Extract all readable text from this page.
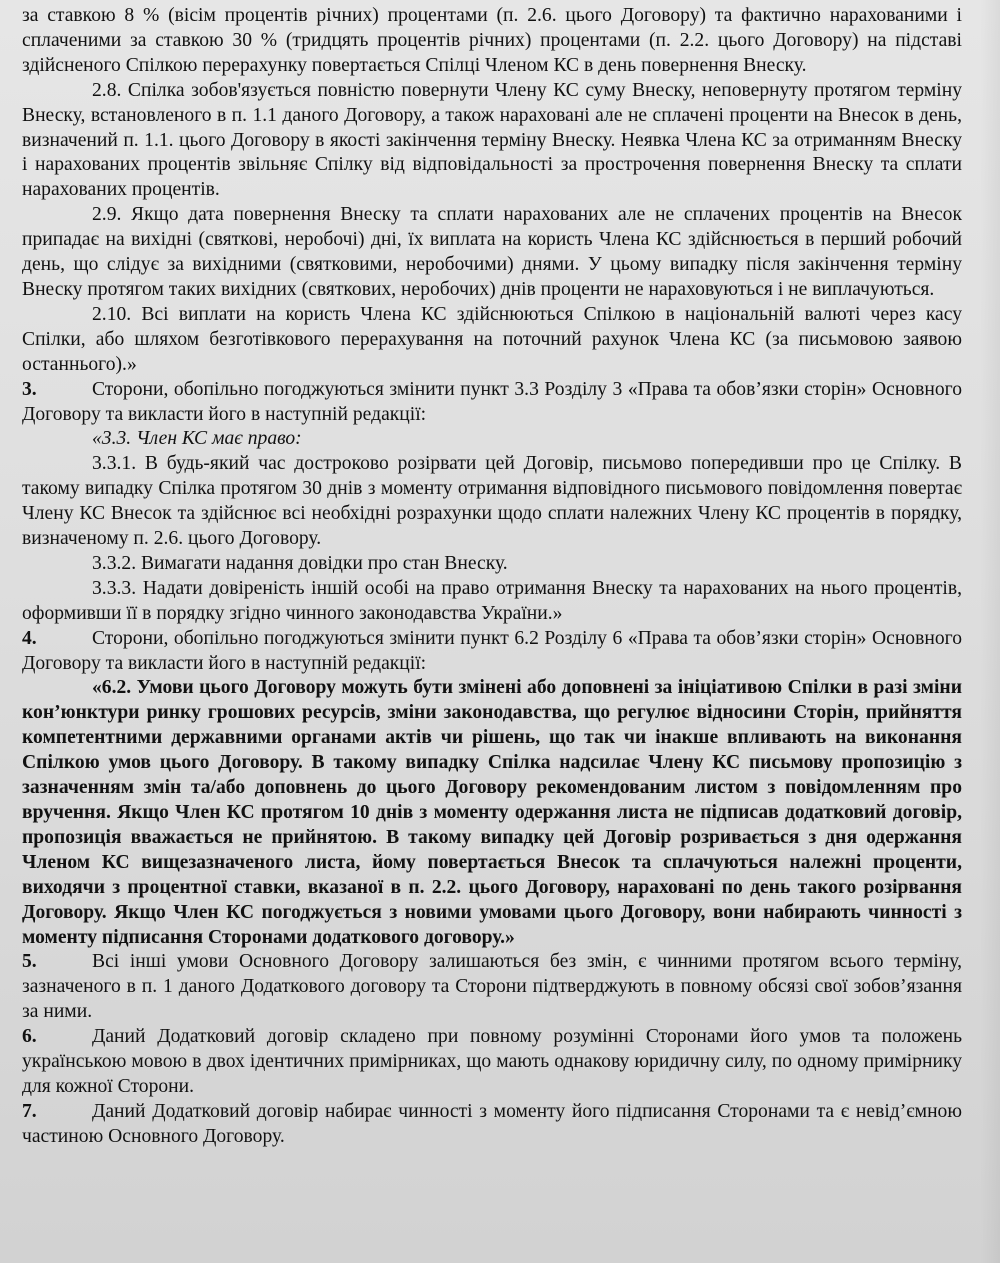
за ставкою 8 % (вісім процентів річних) процентами (п. 2.6. цього Договору) та фактично нарахованими і сплаченими за ставкою 30 % (тридцять процентів річних) процентами (п. 2.2. цього Договору) на підставі здійсненого Спілкою перерахунку повертається Спілці Членом КС в день повернення Внеску.

2.8. Спілка зобов'язується повністю повернути Члену КС суму Внеску, неповернуту протягом терміну Внеску, встановленого в п. 1.1 даного Договору, а також нараховані але не сплачені проценти на Внесок в день, визначений п. 1.1. цього Договору в якості закінчення терміну Внеску. Неявка Члена КС за отриманням Внеску і нарахованих процентів звільняє Спілку від відповідальності за прострочення повернення Внеску та сплати нарахованих процентів.

2.9. Якщо дата повернення Внеску та сплати нарахованих але не сплачених процентів на Внесок припадає на вихідні (святкові, неробочі) дні, їх виплата на користь Члена КС здійснюється в перший робочий день, що слідує за вихідними (святковими, неробочими) днями. У цьому випадку після закінчення терміну Внеску протягом таких вихідних (святкових, неробочих) днів проценти не нараховуються і не виплачуються.

2.10. Всі виплати на користь Члена КС здійснюються Спілкою в національній валюті через касу Спілки, або шляхом безготівкового перерахування на поточний рахунок Члена КС (за письмовою заявою останнього).»

3.	Сторони, обопільно погоджуються змінити пункт 3.3 Розділу 3 «Права та обов’язки сторін» Основного Договору та викласти його в наступній редакції:

«3.3. Член КС має право:

3.3.1. В будь-який час достроково розірвати цей Договір, письмово попередивши про це Спілку. В такому випадку Спілка протягом 30 днів з моменту отримання відповідного письмового повідомлення повертає Члену КС Внесок та здійснює всі необхідні розрахунки щодо сплати належних Члену КС процентів в порядку, визначеному п. 2.6. цього Договору.

3.3.2. Вимагати надання довідки про стан Внеску.

3.3.3. Надати довіреність іншій особі на право отримання Внеску та нарахованих на нього процентів, оформивши її в порядку згідно чинного законодавства України.»

4.	Сторони, обопільно погоджуються змінити пункт 6.2 Розділу 6 «Права та обов’язки сторін» Основного Договору та викласти його в наступній редакції:

«6.2. Умови цього Договору можуть бути змінені або доповнені за ініціативою Спілки в разі зміни кон’юнктури ринку грошових ресурсів, зміни законодавства, що регулює відносини Сторін, прийняття компетентними державними органами актів чи рішень, що так чи інакше впливають на виконання Спілкою умов цього Договору. В такому випадку Спілка надсилає Члену КС письмову пропозицію з зазначенням змін та/або доповнень до цього Договору рекомендованим листом з повідомленням про вручення. Якщо Член КС протягом 10 днів з моменту одержання листа не підписав додатковий договір, пропозиція вважається не прийнятою. В такому випадку цей Договір розривається з дня одержання Членом КС вищезазначеного листа, йому повертається Внесок та сплачуються належні проценти, виходячи з процентної ставки, вказаної в п. 2.2. цього Договору, нараховані по день такого розірвання Договору. Якщо Член КС погоджується з новими умовами цього Договору, вони набирають чинності з моменту підписання Сторонами додаткового договору.»

5.	Всі інші умови Основного Договору залишаються без змін, є чинними протягом всього терміну, зазначеного в п. 1 даного Додаткового договору та Сторони підтверджують в повному обсязі свої зобов’язання за ними.

6.	Даний Додатковий договір складено при повному розумінні Сторонами його умов та положень українською мовою в двох ідентичних примірниках, що мають однакову юридичну силу, по одному примірнику для кожної Сторони.

7.	Даний Додатковий договір набирає чинності з моменту його підписання Сторонами та є невід’ємною частиною Основного Договору.
